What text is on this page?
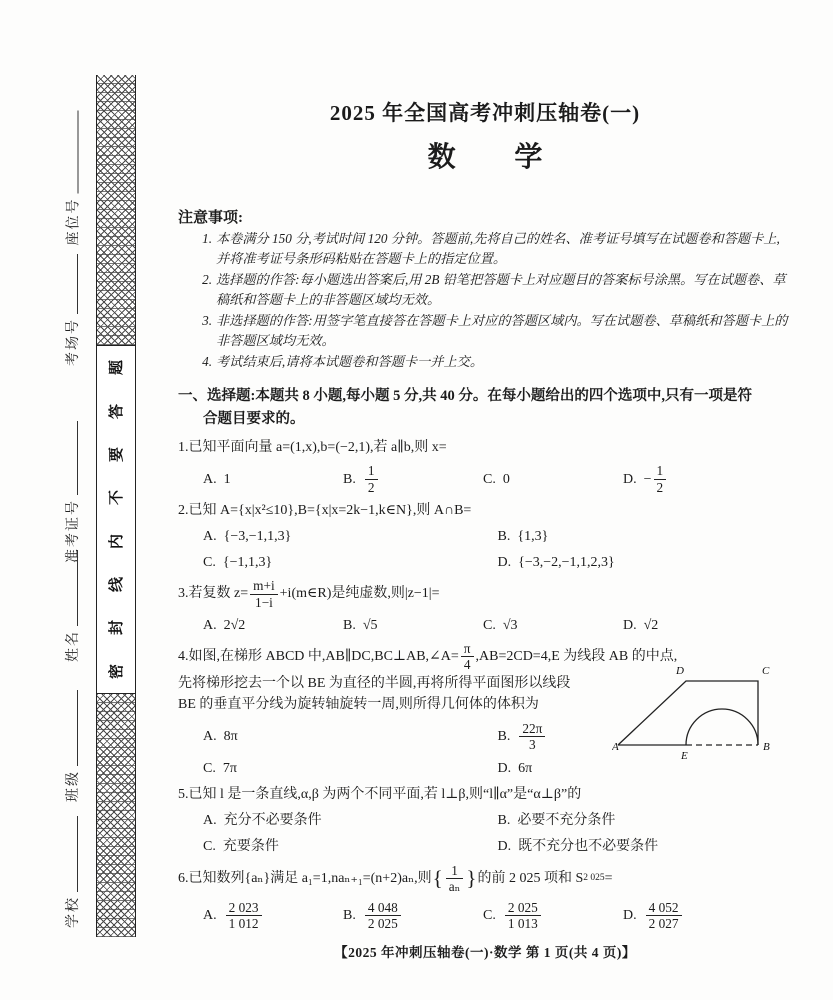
座位号
考场号
准考证号
姓名
班级
学校
题
答
要
不
内
线
封
密
2025 年全国高考冲刺压轴卷(一)
数学
注意事项:
1. 本卷满分 150 分,考试时间 120 分钟。答题前,先将自己的姓名、准考证号填写在试题卷和答题卡上,并将准考证号条形码粘贴在答题卡上的指定位置。
2. 选择题的作答:每小题选出答案后,用 2B 铅笔把答题卡上对应题目的答案标号涂黑。写在试题卷、草稿纸和答题卡上的非答题区域均无效。
3. 非选择题的作答:用签字笔直接答在答题卡上对应的答题区域内。写在试题卷、草稿纸和答题卡上的非答题区域均无效。
4. 考试结束后,请将本试题卷和答题卡一并上交。
一、选择题:本题共 8 小题,每小题 5 分,共 40 分。在每小题给出的四个选项中,只有一项是符
合题目要求的。
1.已知平面向量 a=(1,x),b=(−2,1),若 a∥b,则 x=
A. 1	B. $\frac{1}{2}$	C. 0	D. − $\frac{1}{2}$
2.已知 A={x|x²≤10},B={x|x=2k−1,k∈N},则 A∩B=
A. {−3,−1,1,3}	B. {1,3}
C. {−1,1,3}	D. {−3,−2,−1,1,2,3}
3.若复数 $z= \frac{m+i}{1-i}$ +i(m∈R)是纯虚数,则|z−1|=
A. 2√2	B. √5	C. √3	D. √2
4.如图,在梯形 ABCD 中,AB∥DC,BC⊥AB,∠A= $\frac{\pi}{4} ,AB=2CD=4,E$ 为线段 AB 的中点,
先将梯形挖去一个以 BE 为直径的半圆,再将所得平面图形以线段
BE 的垂直平分线为旋转轴旋转一周,则所得几何体的体积为
A
D	C
B
E
A. 8π	B. $\frac{22\pi}{3}$
C. 7π	D. 6π
5.已知 l 是一条直线,α,β 为两个不同平面,若 l⊥β,则“l∥α”是“α⊥β”的
A. 充分不必要条件	B. 必要不充分条件
C. 充要条件	D. 既不充分也不必要条件
6.已知数列{aₙ}满足 a₁=1,naₙ₊₁=(n+2)aₙ,则 { $\frac{1}{\text{aₙ}}$ } 的前 2 025 项和 S 2 025 =
A. $\frac{2 023}{1 012}$	B. $\frac{4 048}{2 025}$	C. $\frac{2 025}{1 013}$	D. $\frac{4 052}{2 027}$
【2025 年冲刺压轴卷(一)·数学 第 1 页(共 4 页)】
